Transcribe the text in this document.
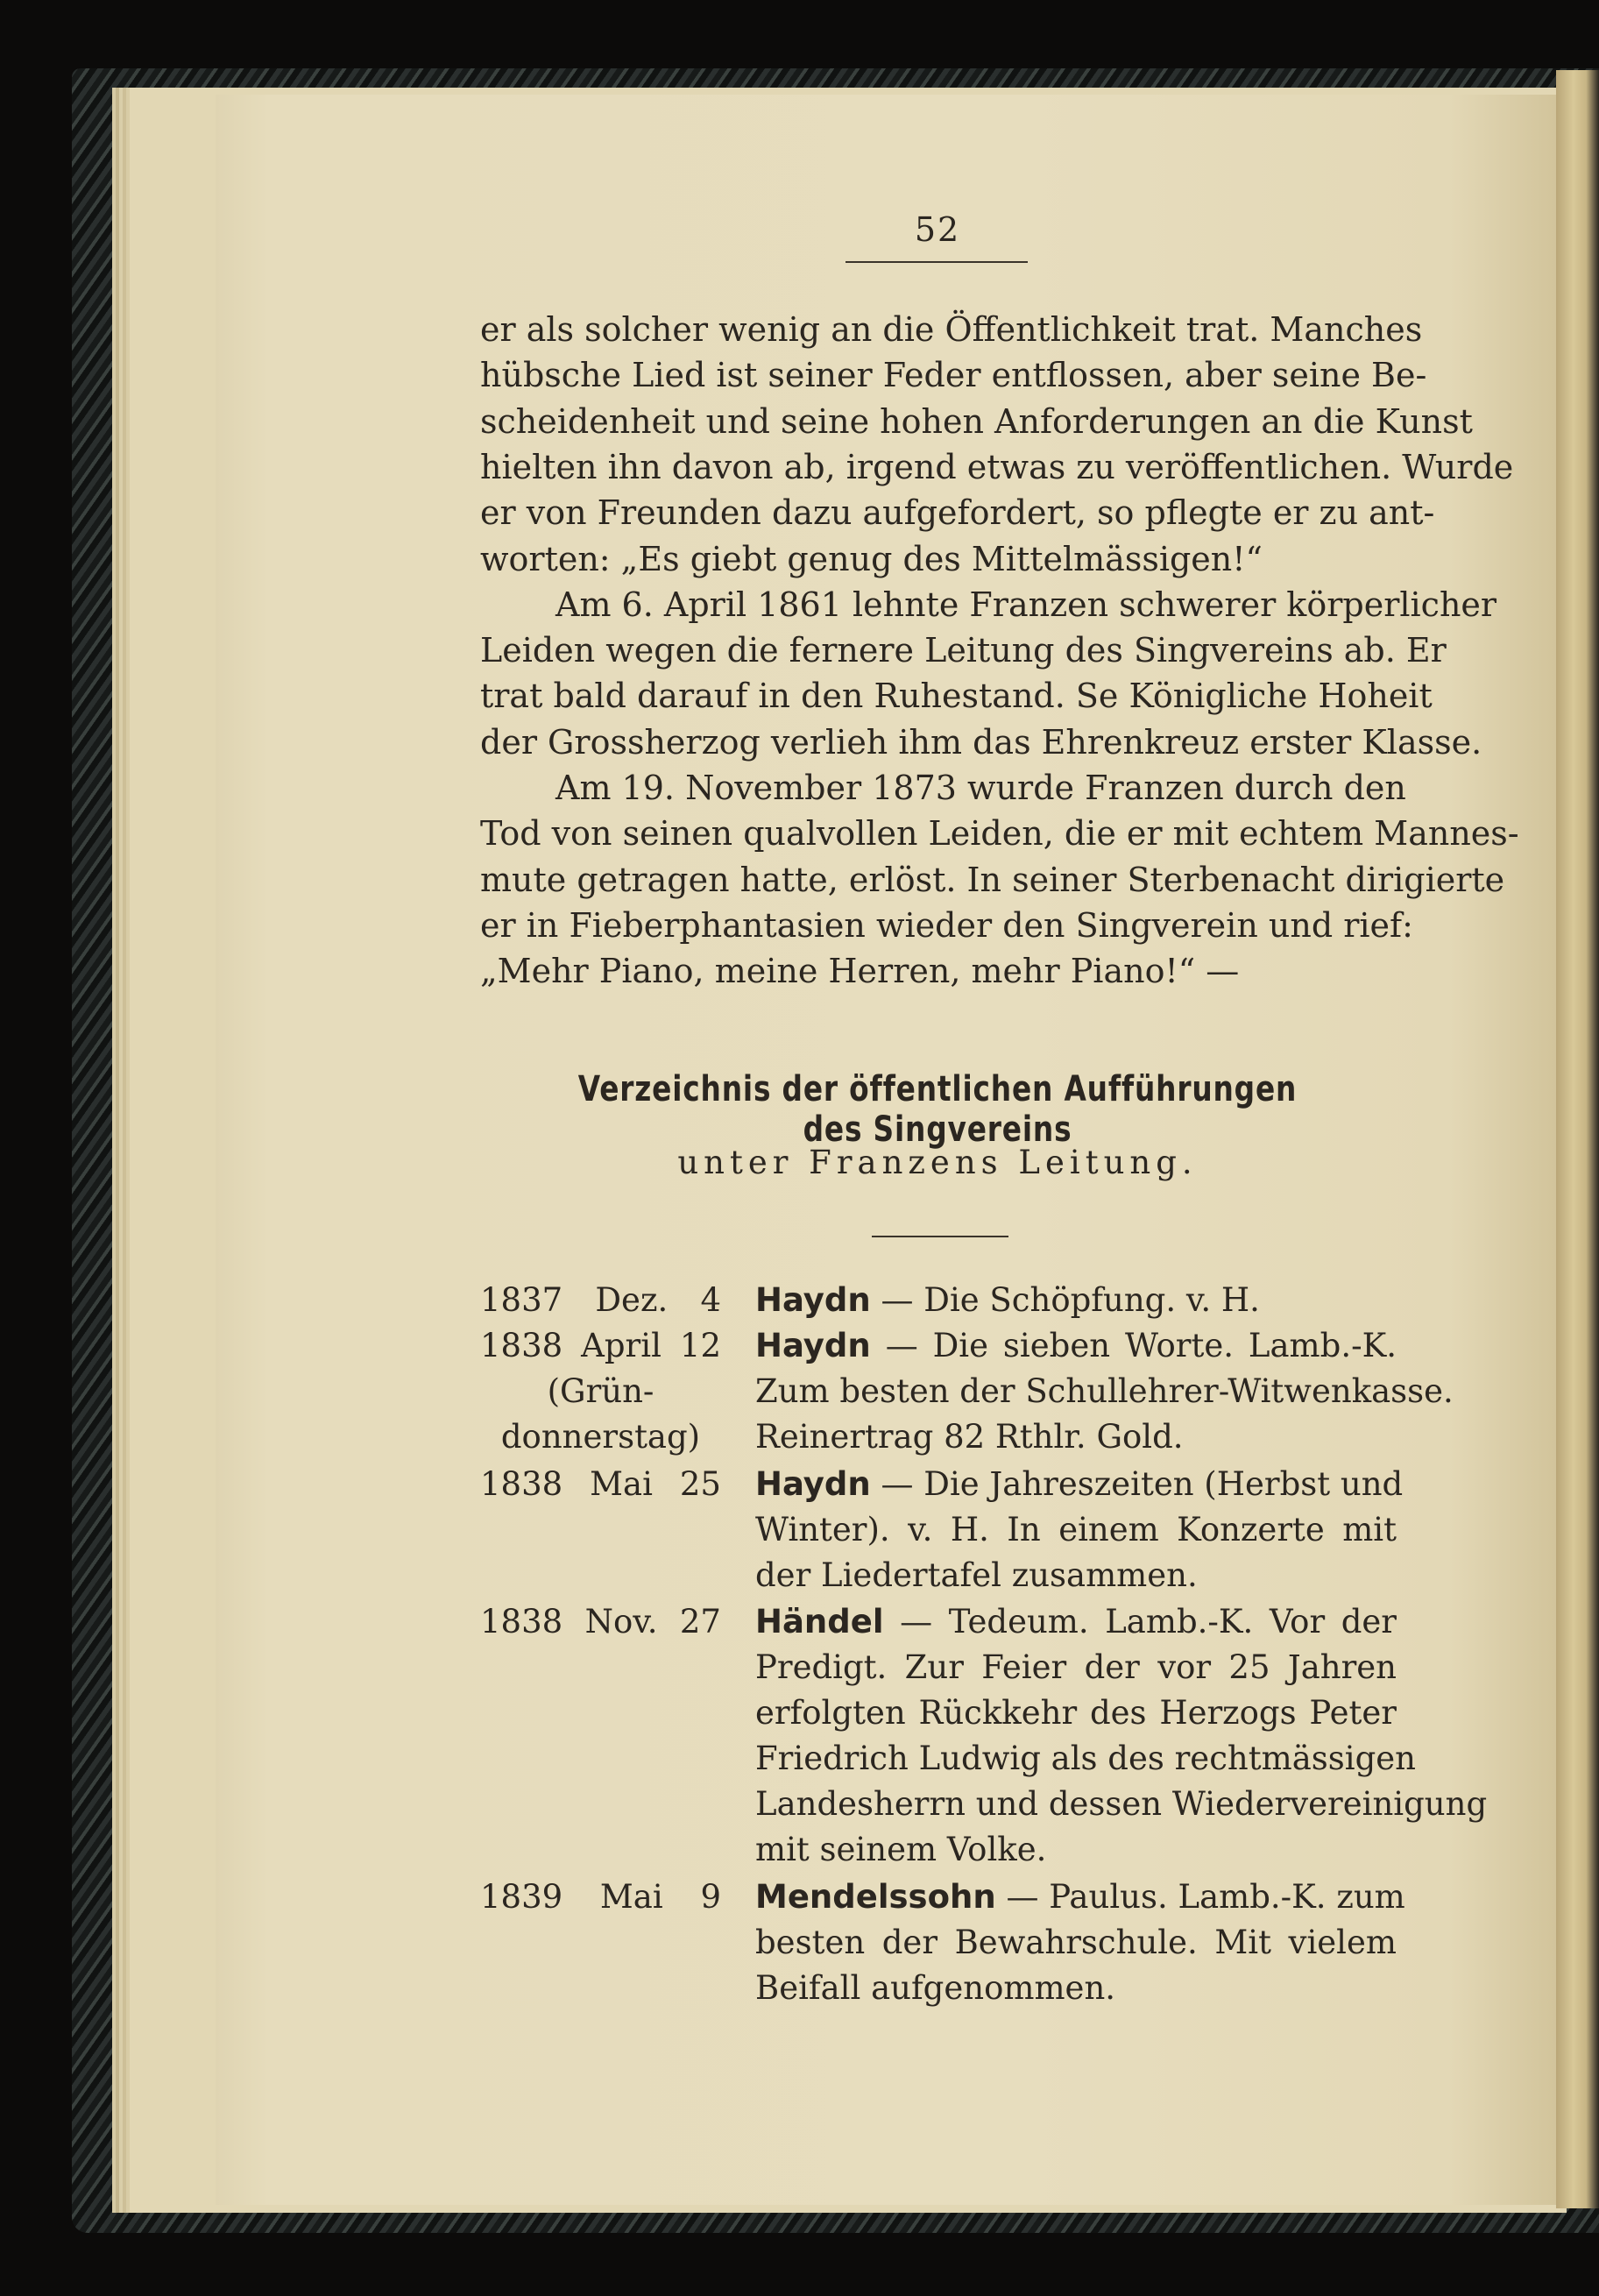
52
er als solcher wenig an die Öffentlichkeit trat. Manches
hübsche Lied ist seiner Feder entflossen, aber seine Be-
scheidenheit und seine hohen Anforderungen an die Kunst
hielten ihn davon ab, irgend etwas zu veröffentlichen. Wurde
er von Freunden dazu aufgefordert, so pflegte er zu ant-
worten: „Es giebt genug des Mittelmässigen!“
Am 6. April 1861 lehnte Franzen schwerer körperlicher
Leiden wegen die fernere Leitung des Singvereins ab. Er
trat bald darauf in den Ruhestand. Se Königliche Hoheit
der Grossherzog verlieh ihm das Ehrenkreuz erster Klasse.
Am 19. November 1873 wurde Franzen durch den
Tod von seinen qualvollen Leiden, die er mit echtem Mannes-
mute getragen hatte, erlöst. In seiner Sterbenacht dirigierte
er in Fieberphantasien wieder den Singverein und rief:
„Mehr Piano, meine Herren, mehr Piano!“ —
Verzeichnis der öffentlichen Aufführungen des Singvereins
unter Franzens Leitung.
1837 Dez. 4 Haydn — Die Schöpfung. v. H.
1838 April 12
(Grün-
donnerstag)
Haydn — Die sieben Worte. Lamb.-K.
Zum besten der Schullehrer-Witwenkasse.
Reinertrag 82 Rthlr. Gold.
1838 Mai 25 Haydn — Die Jahreszeiten (Herbst und
Winter). v. H. In einem Konzerte mit
der Liedertafel zusammen.
1838 Nov. 27 Händel — Tedeum. Lamb.-K. Vor der
Predigt. Zur Feier der vor 25 Jahren
erfolgten Rückkehr des Herzogs Peter
Friedrich Ludwig als des rechtmässigen
Landesherrn und dessen Wiedervereinigung
mit seinem Volke.
1839 Mai 9 Mendelssohn — Paulus. Lamb.-K. zum
besten der Bewahrschule. Mit vielem
Beifall aufgenommen.
